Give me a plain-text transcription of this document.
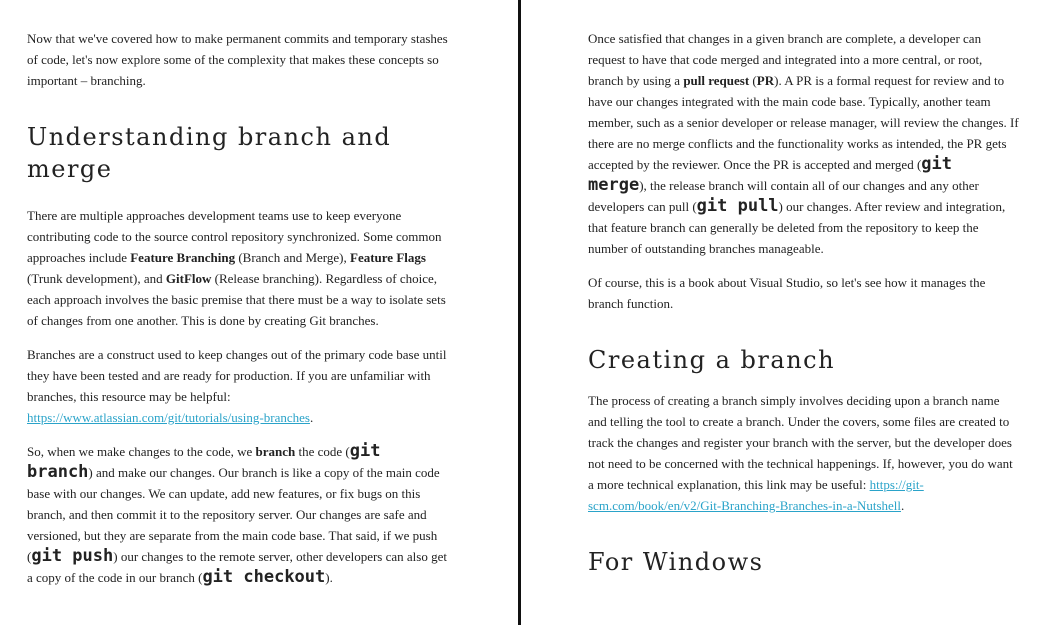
Now that we've covered how to make permanent commits and temporary stashes of code, let's now explore some of the complexity that makes these concepts so important – branching.

Understanding branch and merge

There are multiple approaches development teams use to keep everyone contributing code to the source control repository synchronized. Some common approaches include Feature Branching (Branch and Merge), Feature Flags (Trunk development), and GitFlow (Release branching). Regardless of choice, each approach involves the basic premise that there must be a way to isolate sets of changes from one another. This is done by creating Git branches.

Branches are a construct used to keep changes out of the primary code base until they have been tested and are ready for production. If you are unfamiliar with branches, this resource may be helpful: https://www.atlassian.com/git/tutorials/using-branches.

So, when we make changes to the code, we branch the code (git branch) and make our changes. Our branch is like a copy of the main code base with our changes. We can update, add new features, or fix bugs on this branch, and then commit it to the repository server. Our changes are safe and versioned, but they are separate from the main code base. That said, if we push (git push) our changes to the remote server, other developers can also get a copy of the code in our branch (git checkout).

Once satisfied that changes in a given branch are complete, a developer can request to have that code merged and integrated into a more central, or root, branch by using a pull request (PR). A PR is a formal request for review and to have our changes integrated with the main code base. Typically, another team member, such as a senior developer or release manager, will review the changes. If there are no merge conflicts and the functionality works as intended, the PR gets accepted by the reviewer. Once the PR is accepted and merged (git merge), the release branch will contain all of our changes and any other developers can pull (git pull) our changes. After review and integration, that feature branch can generally be deleted from the repository to keep the number of outstanding branches manageable.

Of course, this is a book about Visual Studio, so let's see how it manages the branch function.

Creating a branch

The process of creating a branch simply involves deciding upon a branch name and telling the tool to create a branch. Under the covers, some files are created to track the changes and register your branch with the server, but the developer does not need to be concerned with the technical happenings. If, however, you do want a more technical explanation, this link may be useful: https://git-scm.com/book/en/v2/Git-Branching-Branches-in-a-Nutshell.

For Windows
